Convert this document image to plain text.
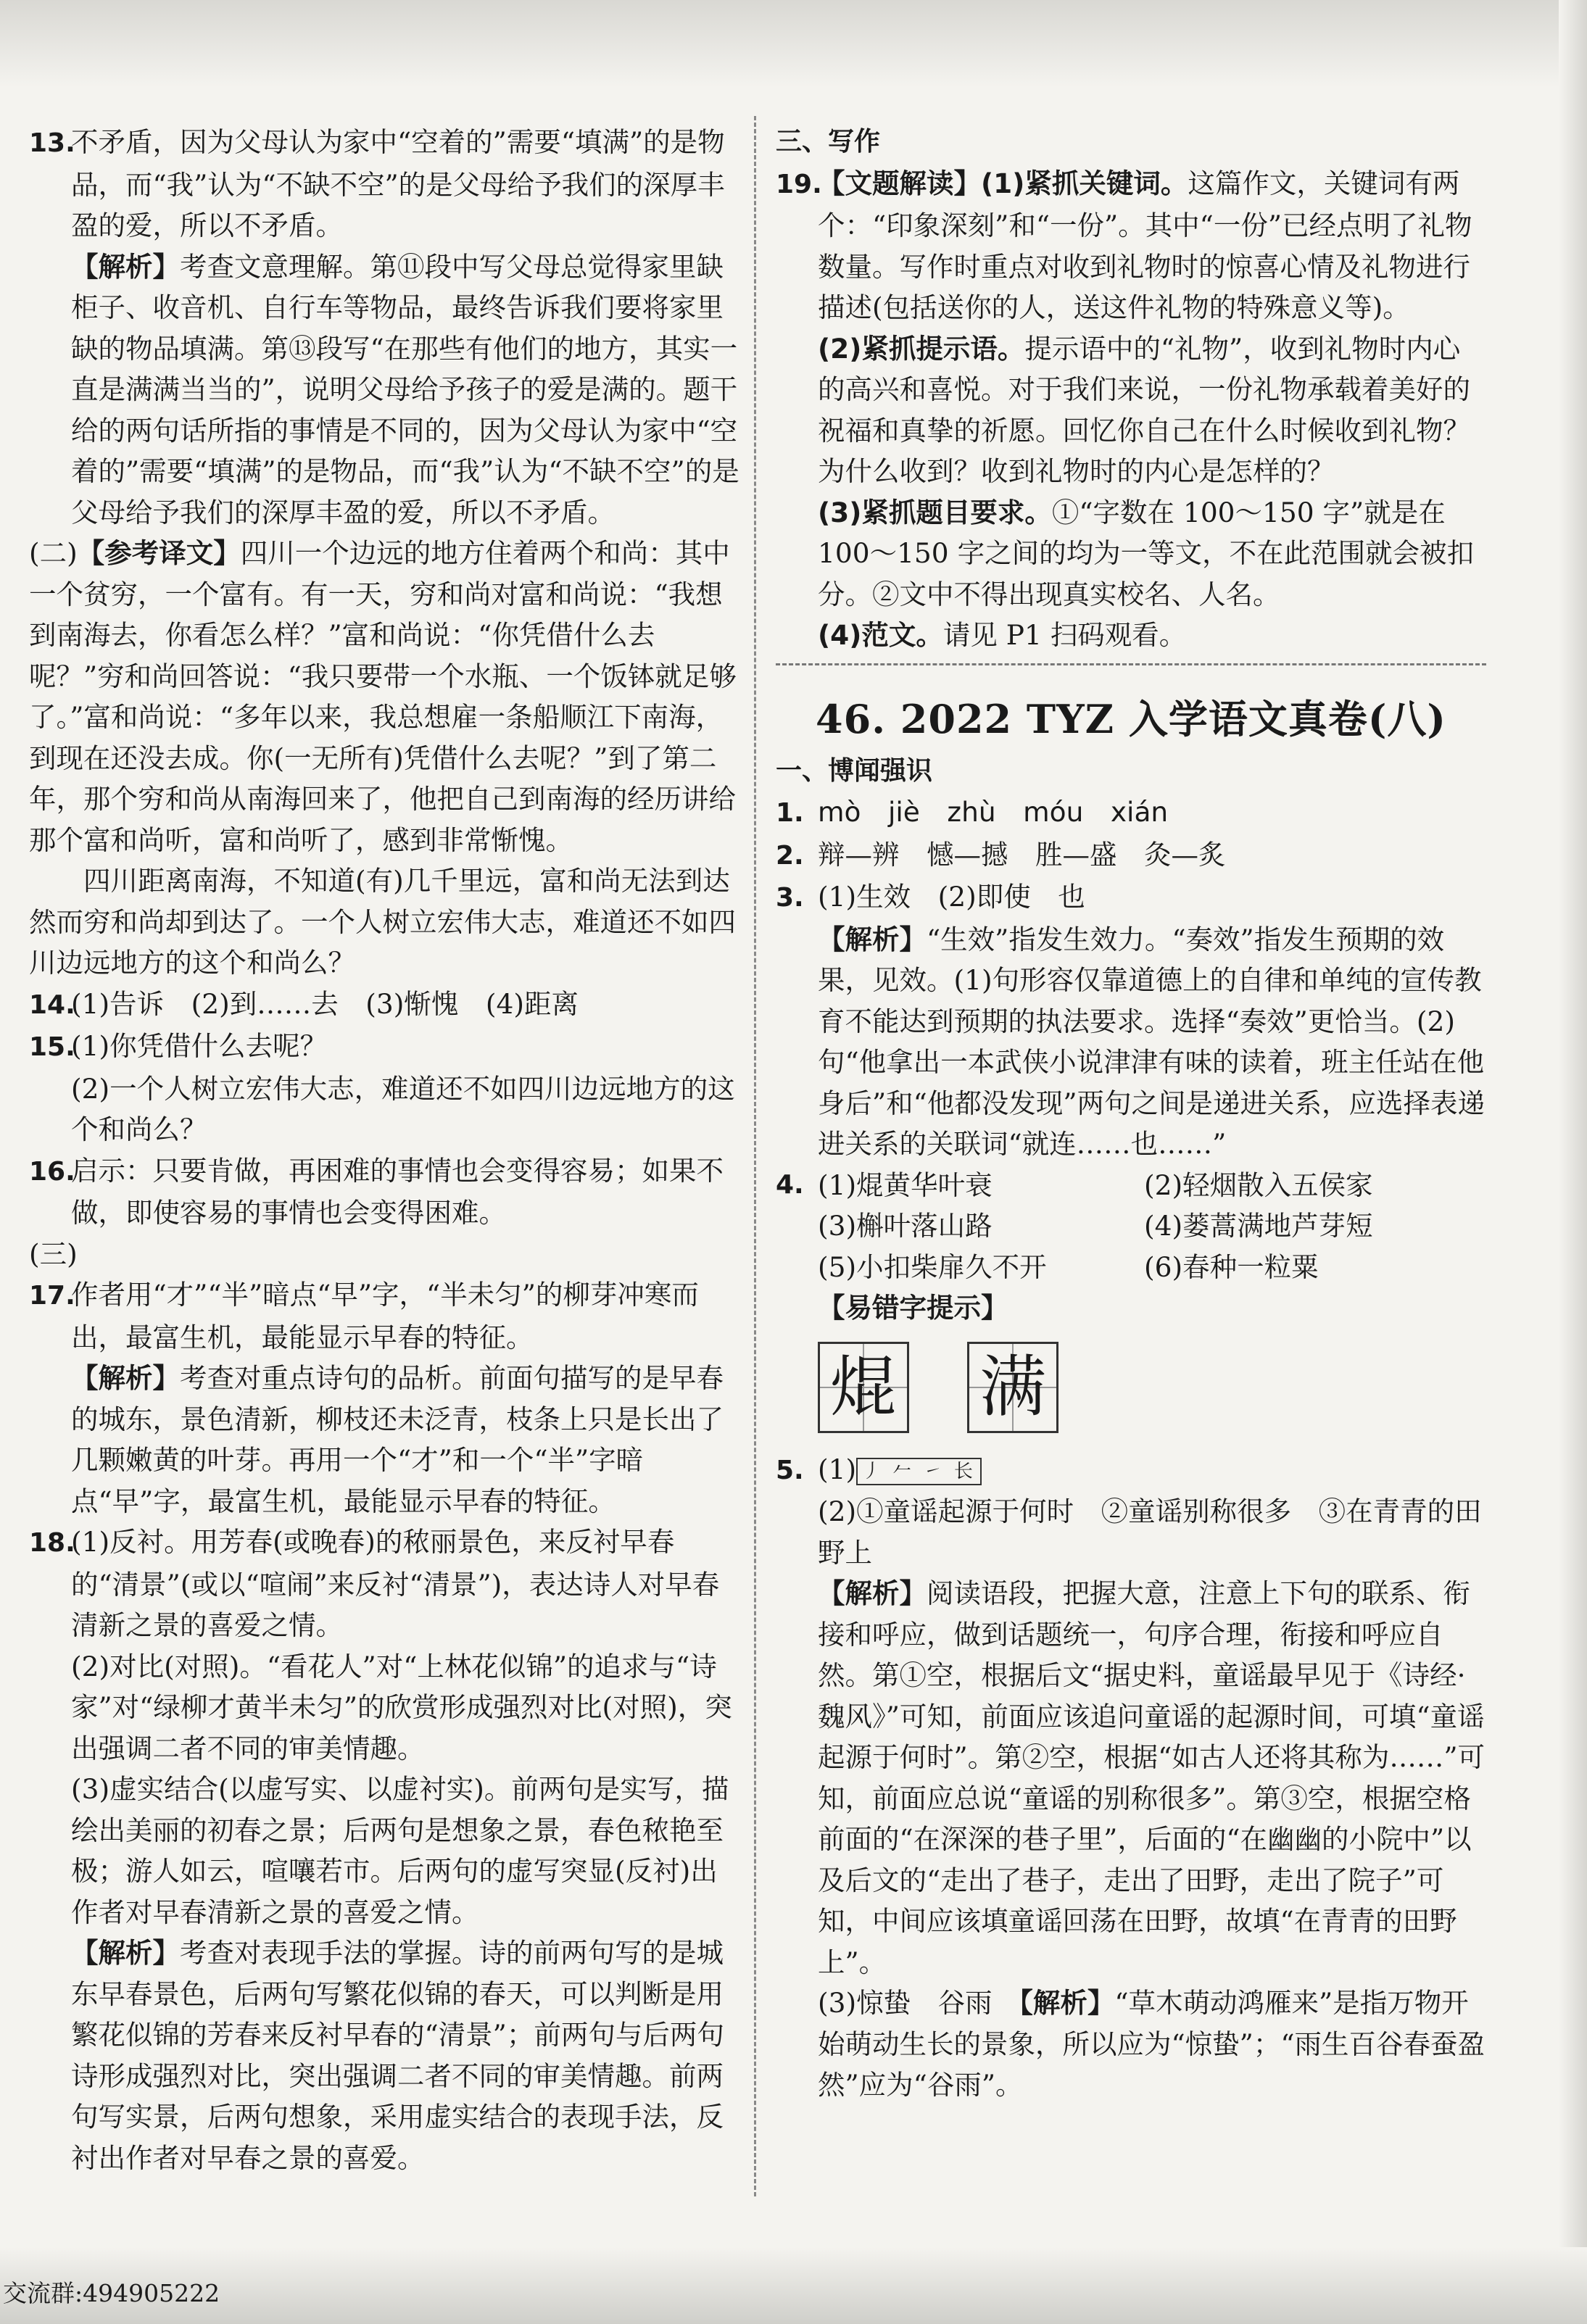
13.不矛盾，因为父母认为家中“空着的”需要“填满”的是物品，而“我”认为“不缺不空”的是父母给予我们的深厚丰盈的爱，所以不矛盾。

【解析】考查文意理解。第⑪段中写父母总觉得家里缺柜子、收音机、自行车等物品，最终告诉我们要将家里缺的物品填满。第⑬段写“在那些有他们的地方，其实一直是满满当当的”，说明父母给予孩子的爱是满的。题干给的两句话所指的事情是不同的，因为父母认为家中“空着的”需要“填满”的是物品，而“我”认为“不缺不空”的是父母给予我们的深厚丰盈的爱，所以不矛盾。

(二)【参考译文】四川一个边远的地方住着两个和尚：其中一个贫穷，一个富有。有一天，穷和尚对富和尚说：“我想到南海去，你看怎么样？”富和尚说：“你凭借什么去呢？”穷和尚回答说：“我只要带一个水瓶、一个饭钵就足够了。”富和尚说：“多年以来，我总想雇一条船顺江下南海，到现在还没去成。你(一无所有)凭借什么去呢？”到了第二年，那个穷和尚从南海回来了，他把自己到南海的经历讲给那个富和尚听，富和尚听了，感到非常惭愧。

四川距离南海，不知道(有)几千里远，富和尚无法到达然而穷和尚却到达了。一个人树立宏伟大志，难道还不如四川边远地方的这个和尚么？

14.(1)告诉　(2)到……去　(3)惭愧　(4)距离

15.(1)你凭借什么去呢？

(2)一个人树立宏伟大志，难道还不如四川边远地方的这个和尚么？

16.启示：只要肯做，再困难的事情也会变得容易；如果不做，即使容易的事情也会变得困难。

(三)

17.作者用“才”“半”暗点“早”字，“半未匀”的柳芽冲寒而出，最富生机，最能显示早春的特征。

【解析】考查对重点诗句的品析。前面句描写的是早春的城东，景色清新，柳枝还未泛青，枝条上只是长出了几颗嫩黄的叶芽。再用一个“才”和一个“半”字暗点“早”字，最富生机，最能显示早春的特征。

18.(1)反衬。用芳春(或晚春)的秾丽景色，来反衬早春的“清景”(或以“喧闹”来反衬“清景”)，表达诗人对早春清新之景的喜爱之情。

(2)对比(对照)。“看花人”对“上林花似锦”的追求与“诗家”对“绿柳才黄半未匀”的欣赏形成强烈对比(对照)，突出强调二者不同的审美情趣。

(3)虚实结合(以虚写实、以虚衬实)。前两句是实写，描绘出美丽的初春之景；后两句是想象之景，春色秾艳至极；游人如云，喧嚷若市。后两句的虚写突显(反衬)出作者对早春清新之景的喜爱之情。

【解析】考查对表现手法的掌握。诗的前两句写的是城东早春景色，后两句写繁花似锦的春天，可以判断是用繁花似锦的芳春来反衬早春的“清景”；前两句与后两句诗形成强烈对比，突出强调二者不同的审美情趣。前两句写实景，后两句想象，采用虚实结合的表现手法，反衬出作者对早春之景的喜爱。

三、写作

19.【文题解读】(1)紧抓关键词。这篇作文，关键词有两个：“印象深刻”和“一份”。其中“一份”已经点明了礼物数量。写作时重点对收到礼物时的惊喜心情及礼物进行描述(包括送你的人，送这件礼物的特殊意义等)。

(2)紧抓提示语。提示语中的“礼物”，收到礼物时内心的高兴和喜悦。对于我们来说，一份礼物承载着美好的祝福和真挚的祈愿。回忆你自己在什么时候收到礼物？为什么收到？收到礼物时的内心是怎样的？

(3)紧抓题目要求。①“字数在 100～150 字”就是在 100～150 字之间的均为一等文，不在此范围就会被扣分。②文中不得出现真实校名、人名。

(4)范文。请见 P1 扫码观看。

46. 2022 TYZ 入学语文真卷(八)

一、博闻强识

1. mò　jiè　zhù　móu　xián

2. 辩—辨　憾—撼　胜—盛　灸—炙

3. (1)生效　(2)即使　也

【解析】“生效”指发生效力。“奏效”指发生预期的效果，见效。(1)句形容仅靠道德上的自律和单纯的宣传教育不能达到预期的执法要求。选择“奏效”更恰当。(2)句“他拿出一本武侠小说津津有味的读着，班主任站在他身后”和“他都没发现”两句之间是递进关系，应选择表递进关系的关联词“就连……也……”

4. (1)焜黄华叶衰	(2)轻烟散入五侯家
(3)槲叶落山路	(4)蒌蒿满地芦芽短
(5)小扣柴扉久不开	(6)春种一粒粟

【易错字提示】

焜 满

5. (1) 丿 𠂉 ㇀ 长

(2)①童谣起源于何时　②童谣别称很多　③在青青的田野上

【解析】阅读语段，把握大意，注意上下句的联系、衔接和呼应，做到话题统一，句序合理，衔接和呼应自然。第①空，根据后文“据史料，童谣最早见于《诗经·魏风》”可知，前面应该追问童谣的起源时间，可填“童谣起源于何时”。第②空，根据“如古人还将其称为……”可知，前面应总说“童谣的别称很多”。第③空，根据空格前面的“在深深的巷子里”，后面的“在幽幽的小院中”以及后文的“走出了巷子，走出了田野，走出了院子”可知，中间应该填童谣回荡在田野，故填“在青青的田野上”。

(3)惊蛰　谷雨　【解析】“草木萌动鸿雁来”是指万物开始萌动生长的景象，所以应为“惊蛰”；“雨生百谷春蚕盈然”应为“谷雨”。

交流群:494905222
